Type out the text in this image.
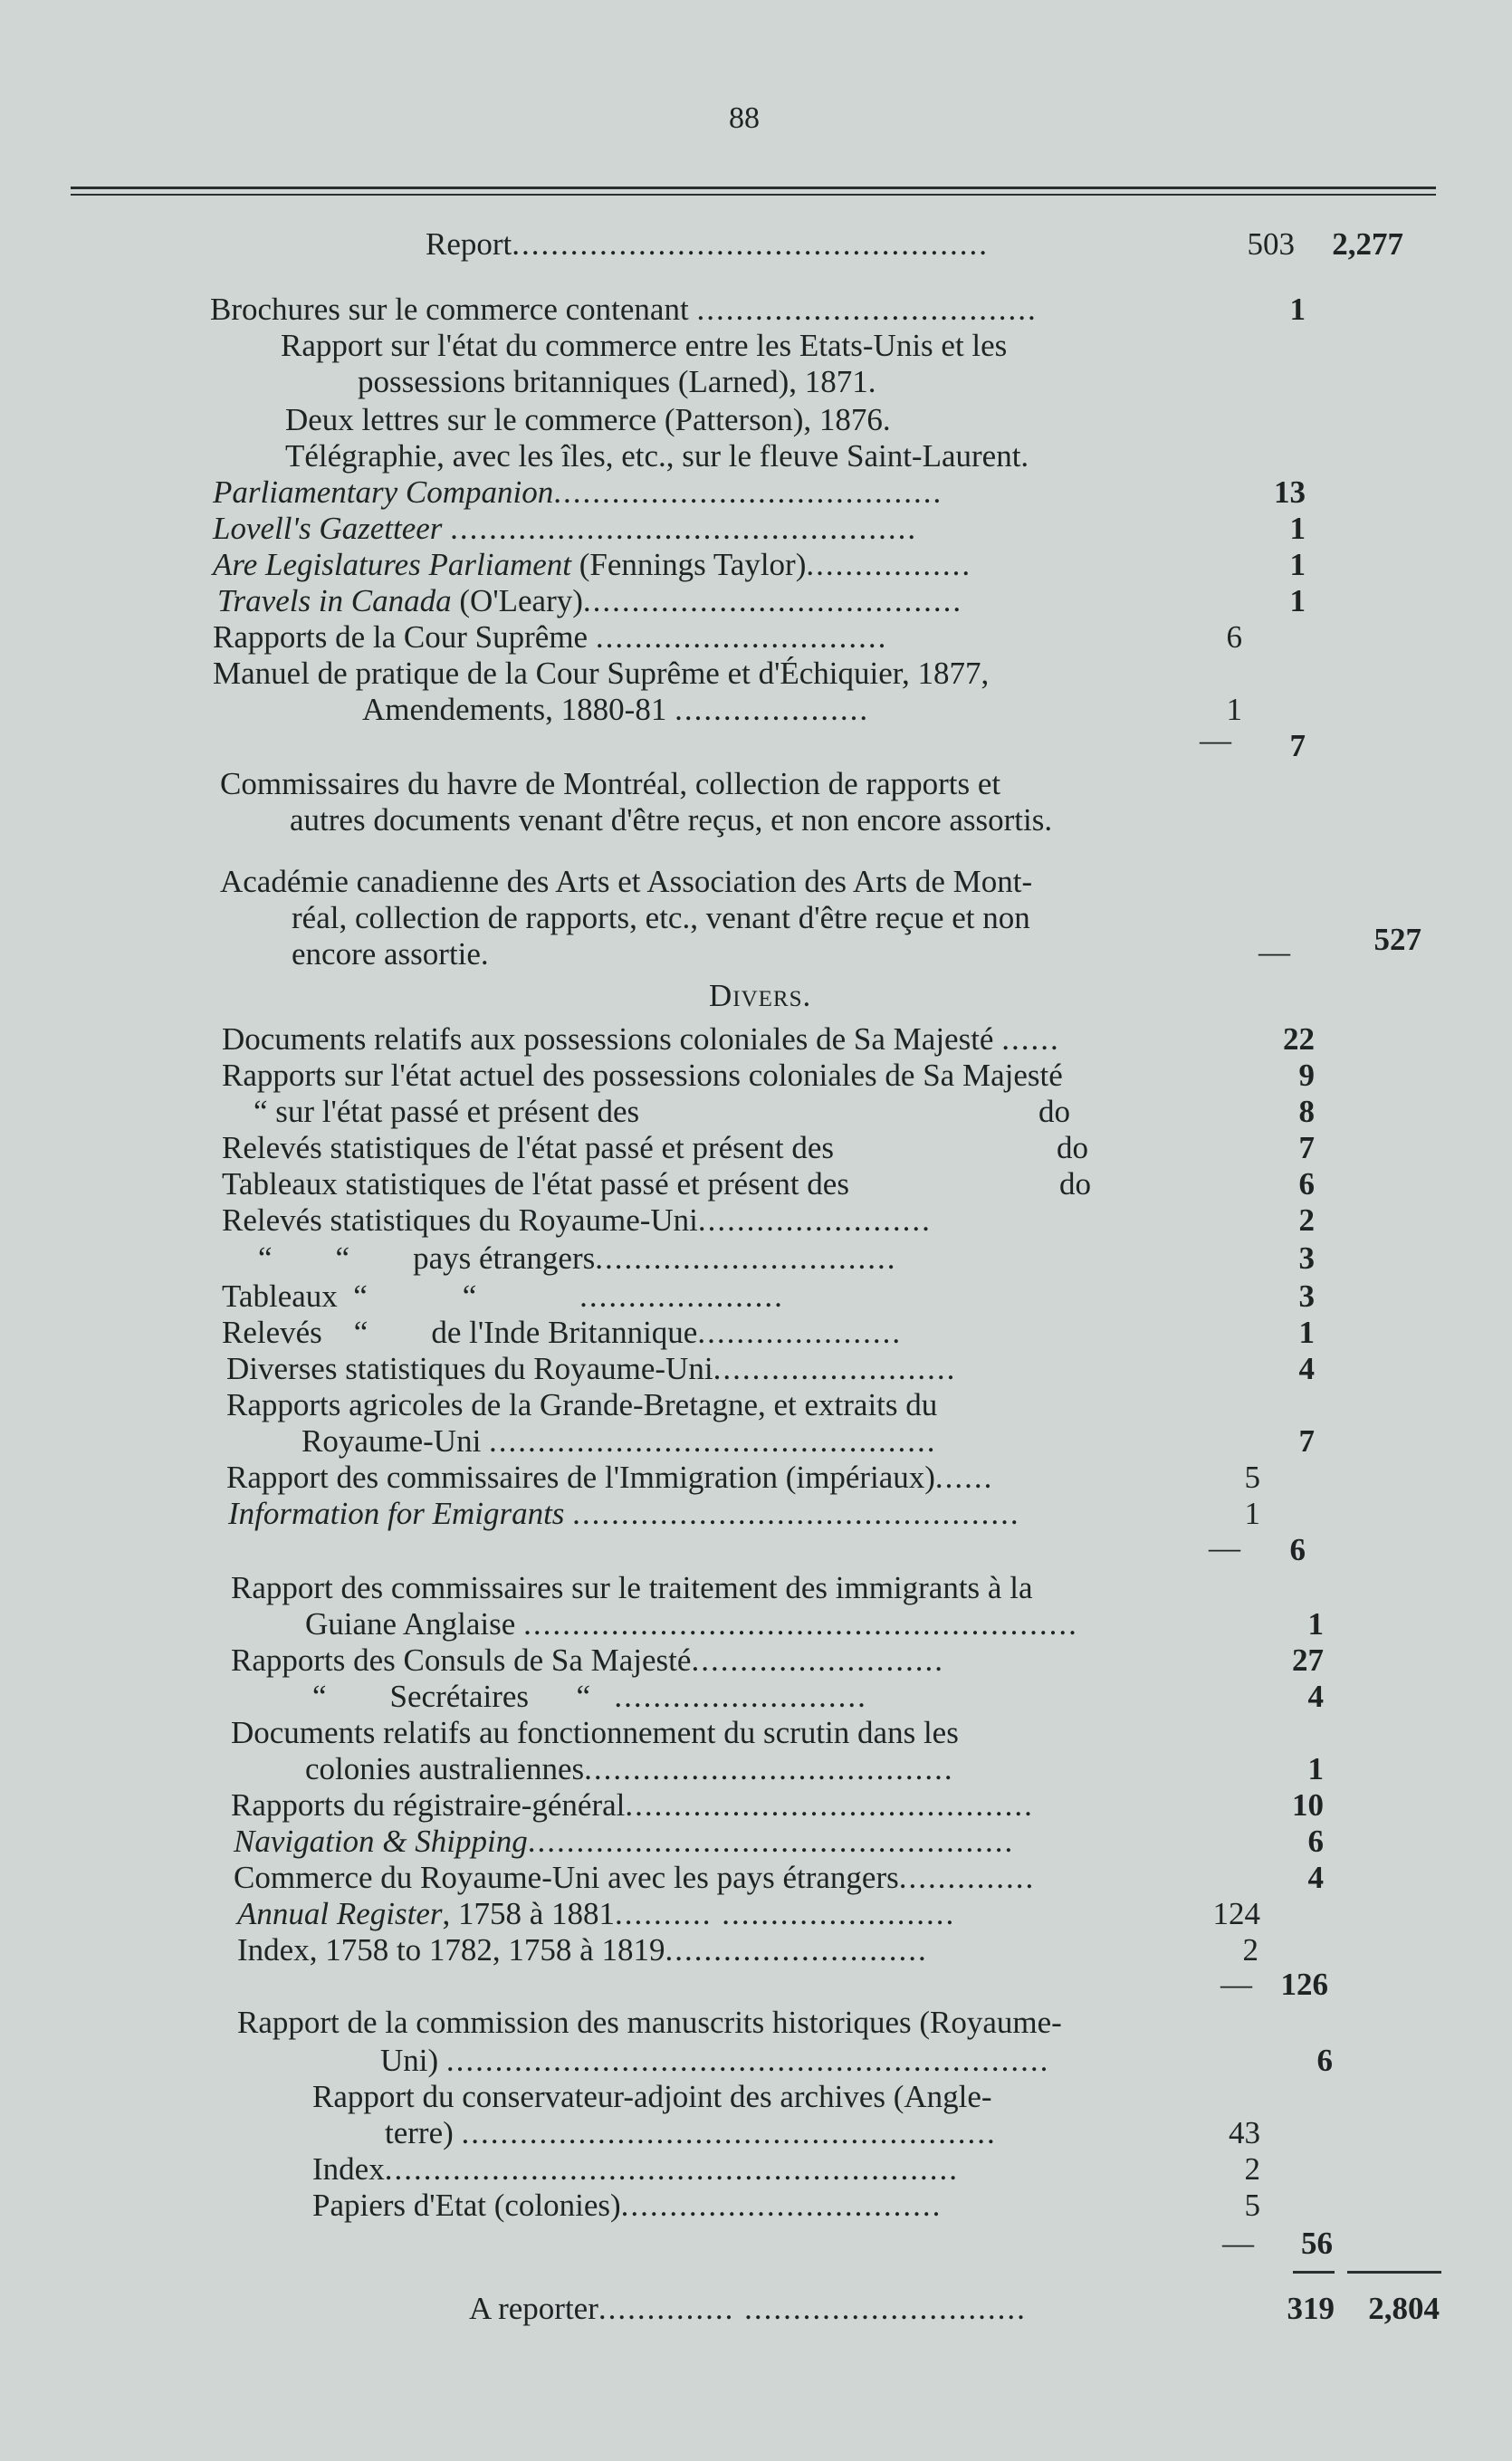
88
Report.................................................	503	2,277
Brochures sur le commerce contenant ...................................	1
Rapport sur l'état du commerce entre les Etats-Unis et les
possessions britanniques (Larned), 1871.
Deux lettres sur le commerce (Patterson), 1876.
Télégraphie, avec les îles, etc., sur le fleuve Saint-Laurent.
Parliamentary Companion........................................	13
Lovell's Gazetteer ................................................	1
Are Legislatures Parliament (Fennings Taylor).................	1
Travels in Canada (O'Leary).......................................	1
Rapports de la Cour Suprême ..............................	6
Manuel de pratique de la Cour Suprême et d'Échiquier, 1877,
Amendements, 1880-81 ....................	1
—	7
Commissaires du havre de Montréal, collection de rapports et
autres documents venant d'être reçus, et non encore assortis.
Académie canadienne des Arts et Association des Arts de Mont-
réal, collection de rapports, etc., venant d'être reçue et non
encore assortie.	—	527
Divers.
Documents relatifs aux possessions coloniales de Sa Majesté ......	22
Rapports sur l'état actuel des possessions coloniales de Sa Majesté	9
“ sur l'état passé et présent des	do	8
Relevés statistiques de l'état passé et présent des	do	7
Tableaux statistiques de l'état passé et présent des	do	6
Relevés statistiques du Royaume-Uni........................	2
“        “        pays étrangers...............................	3
Tableaux  “            “	.....................	3
Relevés    “        de l'Inde Britannique.....................	1
Diverses statistiques du Royaume-Uni.........................	4
Rapports agricoles de la Grande-Bretagne, et extraits du
Royaume-Uni ..............................................	7
Rapport des commissaires de l'Immigration (impériaux)......	5
Information for Emigrants ..............................................	1
—	6
Rapport des commissaires sur le traitement des immigrants à la
Guiane Anglaise .........................................................	1
Rapports des Consuls de Sa Majesté..........................	27
“        Secrétaires      “ ..........................	4
Documents relatifs au fonctionnement du scrutin dans les
colonies australiennes......................................	1
Rapports du régistraire-général..........................................	10
Navigation & Shipping..................................................	6
Commerce du Royaume-Uni avec les pays étrangers..............	4
Annual Register, 1758 à 1881.......... ........................	124
Index, 1758 to 1782, 1758 à 1819...........................	2
— 126
Rapport de la commission des manuscrits historiques (Royaume-
Uni) ..............................................................	6
Rapport du conservateur-adjoint des archives (Angle-
terre) .......................................................	43
Index...........................................................	2
Papiers d'Etat (colonies).................................	5
—	56
A reporter.............. .............................	319	2,804
